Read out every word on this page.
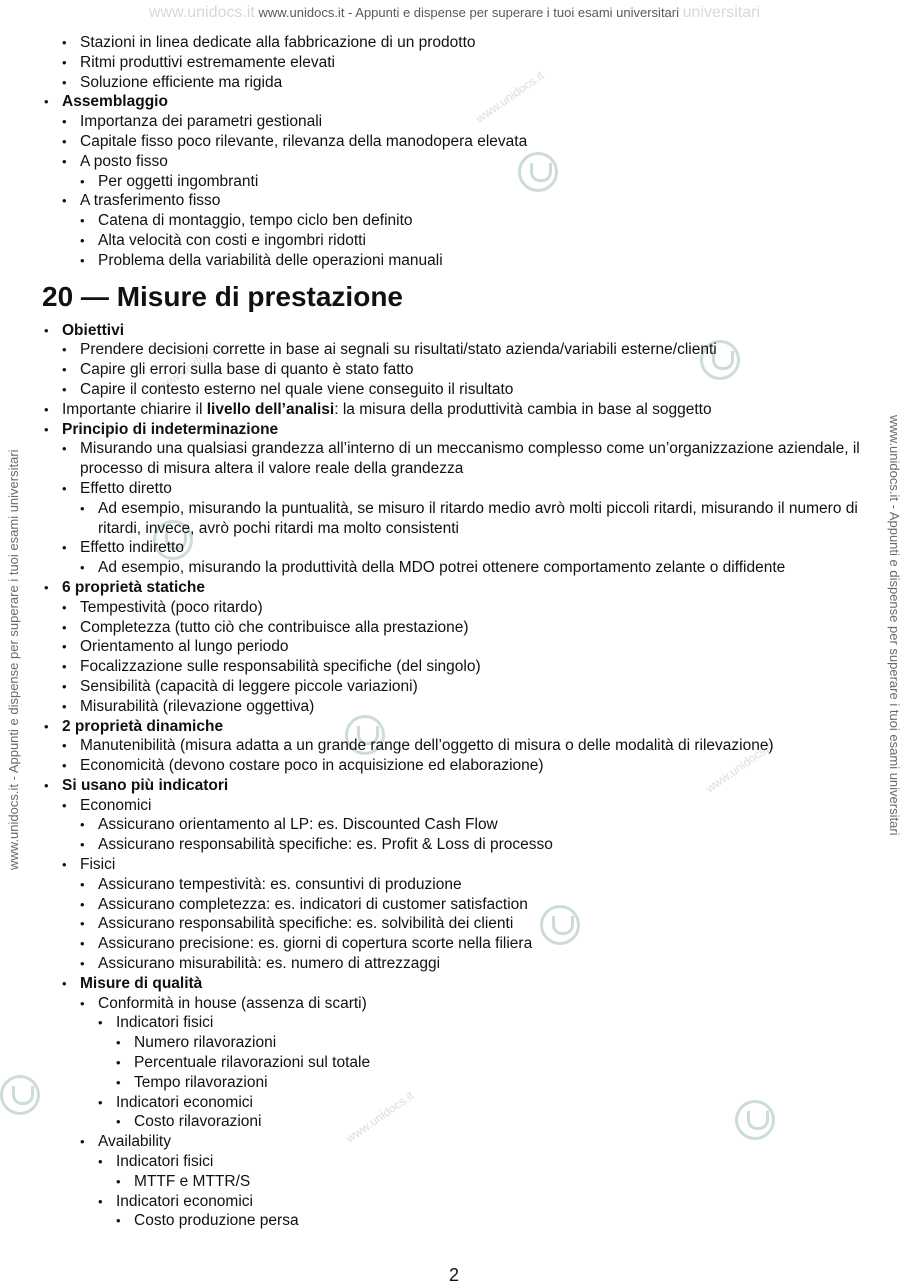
www.unidocs.it www.unidocs.it - Appunti e dispense per superare i tuoi esami universitari universitari
www.unidocs.it - Appunti e dispense per superare i tuoi esami universitari	www.unidocs.it - Appunti e dispense per superare i tuoi esami universitari
www.unidocs.it
www.unidocs.it
www.unidocs.it
www.unidocs.it
• Stazioni in linea dedicate alla fabbricazione di un prodotto
• Ritmi produttivi estremamente elevati
• Soluzione efficiente ma rigida
• Assemblaggio
• Importanza dei parametri gestionali
• Capitale fisso poco rilevante, rilevanza della manodopera elevata
• A posto fisso
• Per oggetti ingombranti
• A trasferimento fisso
• Catena di montaggio, tempo ciclo ben definito
• Alta velocità con costi e ingombri ridotti
• Problema della variabilità delle operazioni manuali
20 — Misure di prestazione
• Obiettivi
• Prendere decisioni corrette in base ai segnali su risultati/stato azienda/variabili esterne/clienti
• Capire gli errori sulla base di quanto è stato fatto
• Capire il contesto esterno nel quale viene conseguito il risultato
• Importante chiarire il livello dell’analisi: la misura della produttività cambia in base al soggetto
• Principio di indeterminazione
• Misurando una qualsiasi grandezza all’interno di un meccanismo complesso come un’organizzazione aziendale, il processo di misura altera il valore reale della grandezza
• Effetto diretto
• Ad esempio, misurando la puntualità, se misuro il ritardo medio avrò molti piccoli ritardi, misurando il numero di ritardi, invece, avrò pochi ritardi ma molto consistenti
• Effetto indiretto
• Ad esempio, misurando la produttività della MDO potrei ottenere comportamento zelante o diffidente
• 6 proprietà statiche
• Tempestività (poco ritardo)
• Completezza (tutto ciò che contribuisce alla prestazione)
• Orientamento al lungo periodo
• Focalizzazione sulle responsabilità specifiche (del singolo)
• Sensibilità (capacità di leggere piccole variazioni)
• Misurabilità (rilevazione oggettiva)
• 2 proprietà dinamiche
• Manutenibilità (misura adatta a un grande range dell’oggetto di misura o delle modalità di rilevazione)
• Economicità (devono costare poco in acquisizione ed elaborazione)
• Si usano più indicatori
• Economici
• Assicurano orientamento al LP: es. Discounted Cash Flow
• Assicurano responsabilità specifiche: es. Profit & Loss di processo
• Fisici
• Assicurano tempestività: es. consuntivi di produzione
• Assicurano completezza: es. indicatori di customer satisfaction
• Assicurano responsabilità specifiche: es. solvibilità dei clienti
• Assicurano precisione: es. giorni di copertura scorte nella filiera
• Assicurano misurabilità: es. numero di attrezzaggi
• Misure di qualità
• Conformità in house (assenza di scarti)
• Indicatori fisici
• Numero rilavorazioni
• Percentuale rilavorazioni sul totale
• Tempo rilavorazioni
• Indicatori economici
• Costo rilavorazioni
• Availability
• Indicatori fisici
• MTTF e MTTR/S
• Indicatori economici
• Costo produzione persa
2
